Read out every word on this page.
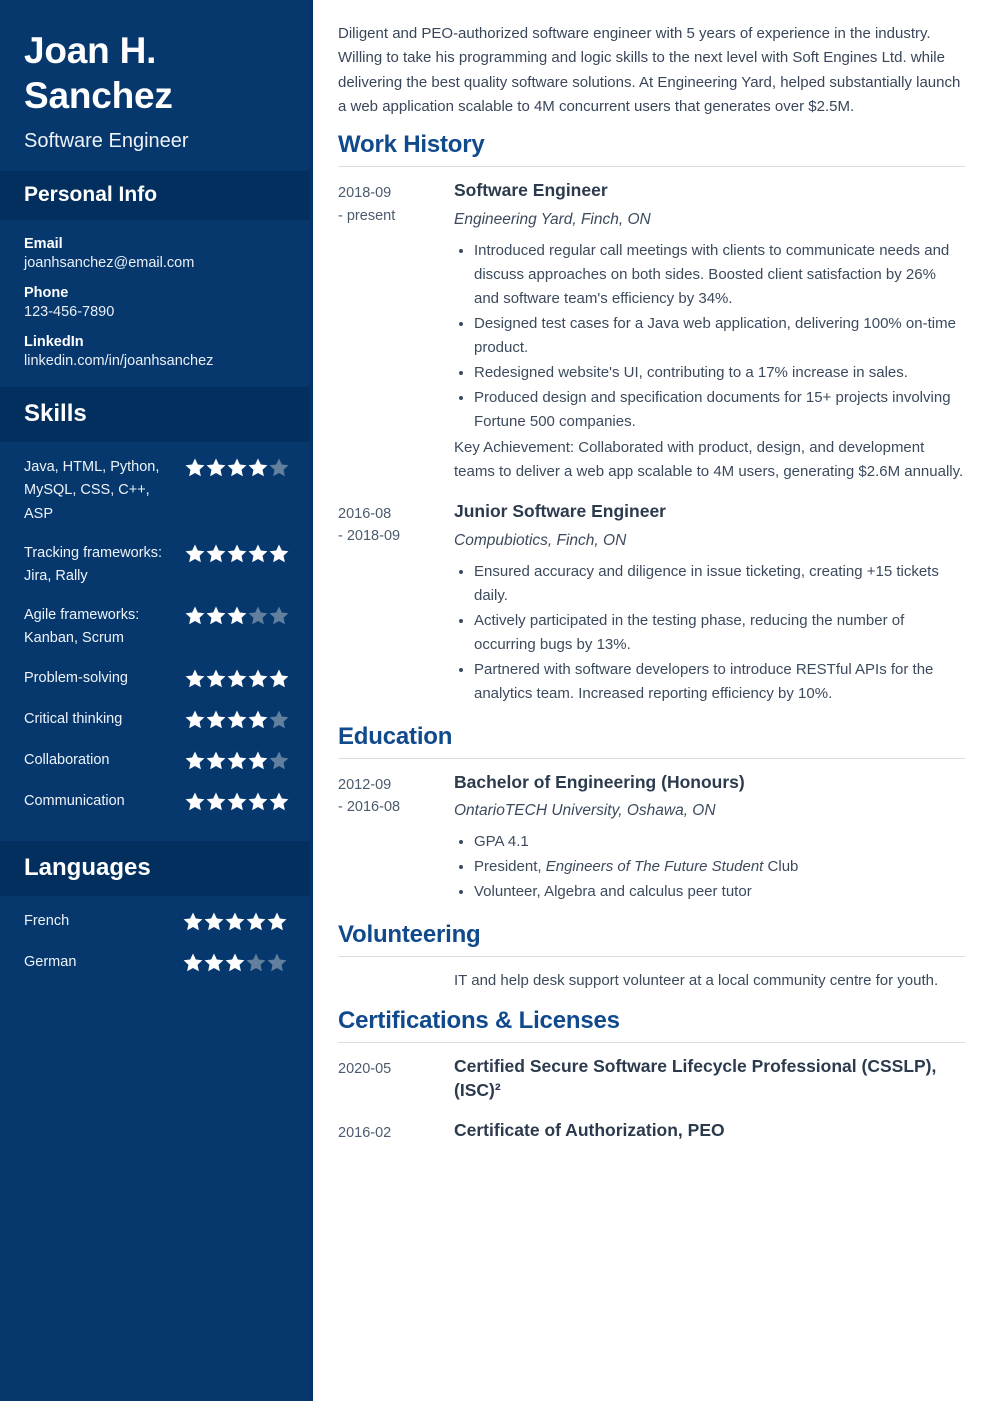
Joan H. Sanchez

Software Engineer

Personal Info
Email
joanhsanchez@email.com
Phone
123-456-7890
LinkedIn
linkedin.com/in/joanhsanchez
Skills
Java, HTML, Python, MySQL, CSS, C++, ASP
Tracking frameworks: Jira, Rally
Agile frameworks: Kanban, Scrum
Problem-solving
Critical thinking
Collaboration
Communication
Languages
French
German

Diligent and PEO-authorized software engineer with 5 years of experience in the industry. Willing to take his programming and logic skills to the next level with Soft Engines Ltd. while delivering the best quality software solutions. At Engineering Yard, helped substantially launch a web application scalable to 4M concurrent users that generates over $2.5M.

Work History
2018-09
- present
Software Engineer

Engineering Yard, Finch, ON

• Introduced regular call meetings with clients to communicate needs and discuss approaches on both sides. Boosted client satisfaction by 26% and software team's efficiency by 34%.
• Designed test cases for a Java web application, delivering 100% on-time product.
• Redesigned website's UI, contributing to a 17% increase in sales.
• Produced design and specification documents for 15+ projects involving Fortune 500 companies.

Key Achievement: Collaborated with product, design, and development teams to deliver a web app scalable to 4M users, generating $2.6M annually.

2016-08
- 2018-09
Junior Software Engineer

Compubiotics, Finch, ON

• Ensured accuracy and diligence in issue ticketing, creating +15 tickets daily.
• Actively participated in the testing phase, reducing the number of occurring bugs by 13%.
• Partnered with software developers to introduce RESTful APIs for the analytics team. Increased reporting efficiency by 10%.
Education
2012-09
- 2016-08
Bachelor of Engineering (Honours)

OntarioTECH University, Oshawa, ON

• GPA 4.1
• President, Engineers of The Future Student Club
• Volunteer, Algebra and calculus peer tutor
Volunteering

IT and help desk support volunteer at a local community centre for youth.

Certifications & Licenses
2020-05	Certified Secure Software Lifecycle Professional (CSSLP), (ISC)²

2016-02	Certificate of Authorization, PEO
